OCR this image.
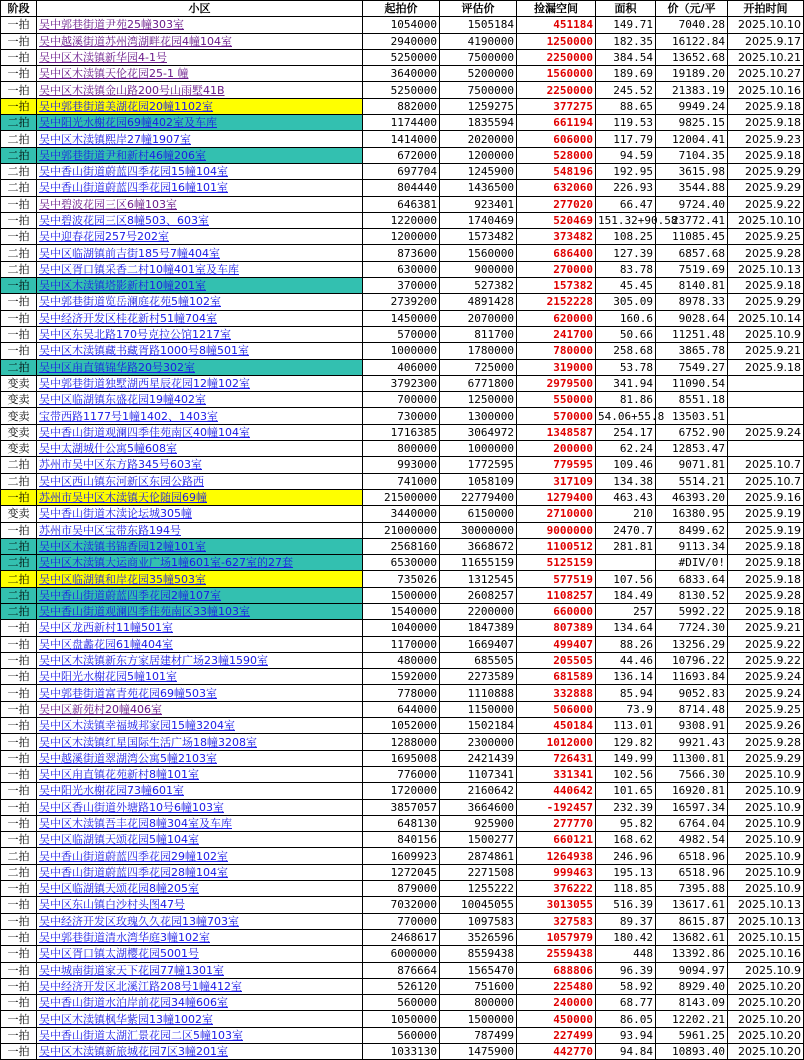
阶段	小区	起拍价	评估价	捡漏空间	面积	价（元/平	开拍时间
一拍	吴中郭巷街道尹苑25幢303室	1054000	1505184	451184	149.71	7040.28	2025.10.10
一拍	吴中越溪街道苏州湾湖畔花园4幢104室	2940000	4190000	1250000	182.35	16122.84	2025.9.17
一拍	吴中区木渎镇新华园4-1号	5250000	7500000	2250000	384.54	13652.68	2025.10.21
一拍	吴中区木渎镇天伦花园25-1 幢	3640000	5200000	1560000	189.69	19189.20	2025.10.27
一拍	吴中区木渎镇金山路200号山雨墅41B	5250000	7500000	2250000	245.52	21383.19	2025.10.16
一拍	吴中郭巷街道美湖花园20幢1102室	882000	1259275	377275	88.65	9949.24	2025.9.18
二拍	吴中阳光水榭花园69幢402室及车库	1174400	1835594	661194	119.53	9825.15	2025.9.18
二拍	吴中区木渎镇熙岸27幢1907室	1414000	2020000	606000	117.79	12004.41	2025.9.23
二拍	吴中郭巷街道尹和新村46幢206室	672000	1200000	528000	94.59	7104.35	2025.9.18
二拍	吴中香山街道蔚蓝四季花园15幢104室	697704	1245900	548196	192.95	3615.98	2025.9.29
二拍	吴中香山街道蔚蓝四季花园16幢101室	804440	1436500	632060	226.93	3544.88	2025.9.29
一拍	吴中碧波花园三区6幢103室	646381	923401	277020	66.47	9724.40	2025.9.22
一拍	吴中碧波花园三区8幢503、603室	1220000	1740469	520469	151.32+90.58	23772.41	2025.10.10
一拍	吴中迎春花园257号202室	1200000	1573482	373482	108.25	11085.45	2025.9.25
二拍	吴中区临湖镇前吉街185号7幢404室	873600	1560000	686400	127.39	6857.68	2025.9.28
二拍	吴中区胥口镇采香二村10幢401室及车库	630000	900000	270000	83.78	7519.69	2025.10.13
一拍	吴中区木渎镇塔影新村10幢201室	370000	527382	157382	45.45	8140.81	2025.9.18
一拍	吴中郭巷街道览岳澜庭花苑5幢102室	2739200	4891428	2152228	305.09	8978.33	2025.9.29
一拍	吴中经济开发区桂花新村51幢704室	1450000	2070000	620000	160.6	9028.64	2025.10.14
一拍	吴中区东吴北路170号克拉公馆1217室	570000	811700	241700	50.66	11251.48	2025.10.9
一拍	吴中区木渎镇藏书藏胥路1000号8幢501室	1000000	1780000	780000	258.68	3865.78	2025.9.21
二拍	吴中区甪直镇锦华路20号302室	406000	725000	319000	53.78	7549.27	2025.9.18
变卖	吴中郭巷街道独墅湖西星辰花园12幢102室	3792300	6771800	2979500	341.94	11090.54	
变卖	吴中区临湖镇东盛花园19幢402室	700000	1250000	550000	81.86	8551.18	
变卖	宝带西路1177号1幢1402、1403室	730000	1300000	570000	54.06+55.8	13503.51	
变卖	吴中香山街道观澜四季佳苑南区40幢104室	1716385	3064972	1348587	254.17	6752.90	2025.9.24
变卖	吴中太湖城什公寓5幢608室	800000	1000000	200000	62.24	12853.47	
二拍	苏州市吴中区东方路345号603室	993000	1772595	779595	109.46	9071.81	2025.10.7
二拍	吴中区西山镇东河新区东园公路西	741000	1058109	317109	134.38	5514.21	2025.10.7
一拍	苏州市吴中区木渎镇天伦随园69幢	21500000	22779400	1279400	463.43	46393.20	2025.9.16
变卖	吴中香山街道木渎论坛城305幢	3440000	6150000	2710000	210	16380.95	2025.9.19
一拍	苏州市吴中区宝带东路194号	21000000	30000000	9000000	2470.7	8499.62	2025.9.19
二拍	吴中区木渎镇书锦香园12幢101室	2568160	3668672	1100512	281.81	9113.34	2025.9.18
二拍	吴中区木渎镇大运商业广场1幢601室-627室的27套	6530000	11655159	5125159		#DIV/0!	2025.9.18
二拍	吴中区临湖镇和岸花园35幢503室	735026	1312545	577519	107.56	6833.64	2025.9.18
二拍	吴中香山街道蔚蓝四季花园2幢107室	1500000	2608257	1108257	184.49	8130.52	2025.9.28
二拍	吴中香山街道观澜四季佳苑南区33幢103室	1540000	2200000	660000	257	5992.22	2025.9.18
一拍	吴中区龙西新村11幢501室	1040000	1847389	807389	134.64	7724.30	2025.9.21
一拍	吴中区盘蠡花园61幢404室	1170000	1669407	499407	88.26	13256.29	2025.9.22
一拍	吴中区木渎镇新东方家居建材广场23幢1590室	480000	685505	205505	44.46	10796.22	2025.9.22
一拍	吴中阳光水榭花园5幢101室	1592000	2273589	681589	136.14	11693.84	2025.9.24
一拍	吴中郭巷街道富青苑花园69幢503室	778000	1110888	332888	85.94	9052.83	2025.9.24
一拍	吴中区新苑村20幢406室	644000	1150000	506000	73.9	8714.48	2025.9.25
一拍	吴中区木渎镇幸福城邦家园15幢3204室	1052000	1502184	450184	113.01	9308.91	2025.9.26
一拍	吴中区木渎镇红星国际生活广场18幢3208室	1288000	2300000	1012000	129.82	9921.43	2025.9.28
一拍	吴中越溪街道翠湖湾公寓5幢2103室	1695008	2421439	726431	149.99	11300.81	2025.9.29
一拍	吴中区甪直镇花苑新村8幢101室	776000	1107341	331341	102.56	7566.30	2025.10.9
一拍	吴中阳光水榭花园73幢601室	1720000	2160642	440642	101.65	16920.81	2025.10.9
一拍	吴中区香山街道外塘路10号6幢103室	3857057	3664600	-192457	232.39	16597.34	2025.10.9
一拍	吴中区木渎镇吾丰花园8幢304室及车库	648130	925900	277770	95.82	6764.04	2025.10.9
一拍	吴中区临湖镇天颂花园5幢104室	840156	1500277	660121	168.62	4982.54	2025.10.9
二拍	吴中香山街道蔚蓝四季花园29幢102室	1609923	2874861	1264938	246.96	6518.96	2025.10.9
二拍	吴中香山街道蔚蓝四季花园28幢104室	1272045	2271508	999463	195.13	6518.96	2025.10.9
一拍	吴中区临湖镇天颂花园8幢205室	879000	1255222	376222	118.85	7395.88	2025.10.9
一拍	吴中区东山镇白沙村头图47号	7032000	10045055	3013055	516.39	13617.61	2025.10.13
一拍	吴中经济开发区玫瑰久久花园13幢703室	770000	1097583	327583	89.37	8615.87	2025.10.13
一拍	吴中郭巷街道清水湾华庭3幢102室	2468617	3526596	1057979	180.42	13682.61	2025.10.15
一拍	吴中区胥口镇太湖樱花园5001号	6000000	8559438	2559438	448	13392.86	2025.10.16
一拍	吴中城南街道家天下花园77幢1301室	876664	1565470	688806	96.39	9094.97	2025.10.9
一拍	吴中经济开发区北溪江路208号1幢412室	526120	751600	225480	58.92	8929.40	2025.10.20
一拍	吴中香山街道水泊岸前花园34幢606室	560000	800000	240000	68.77	8143.09	2025.10.20
一拍	吴中区木渎镇枫华紫园13幢1002室	1050000	1500000	450000	86.05	12202.21	2025.10.20
一拍	吴中香山街道太湖汇景花园二区5幢103室	560000	787499	227499	93.94	5961.25	2025.10.20
一拍	吴中区木渎镇新旅城花园7区3幢201室	1033130	1475900	442770	94.84	10893.40	2025.10.20
